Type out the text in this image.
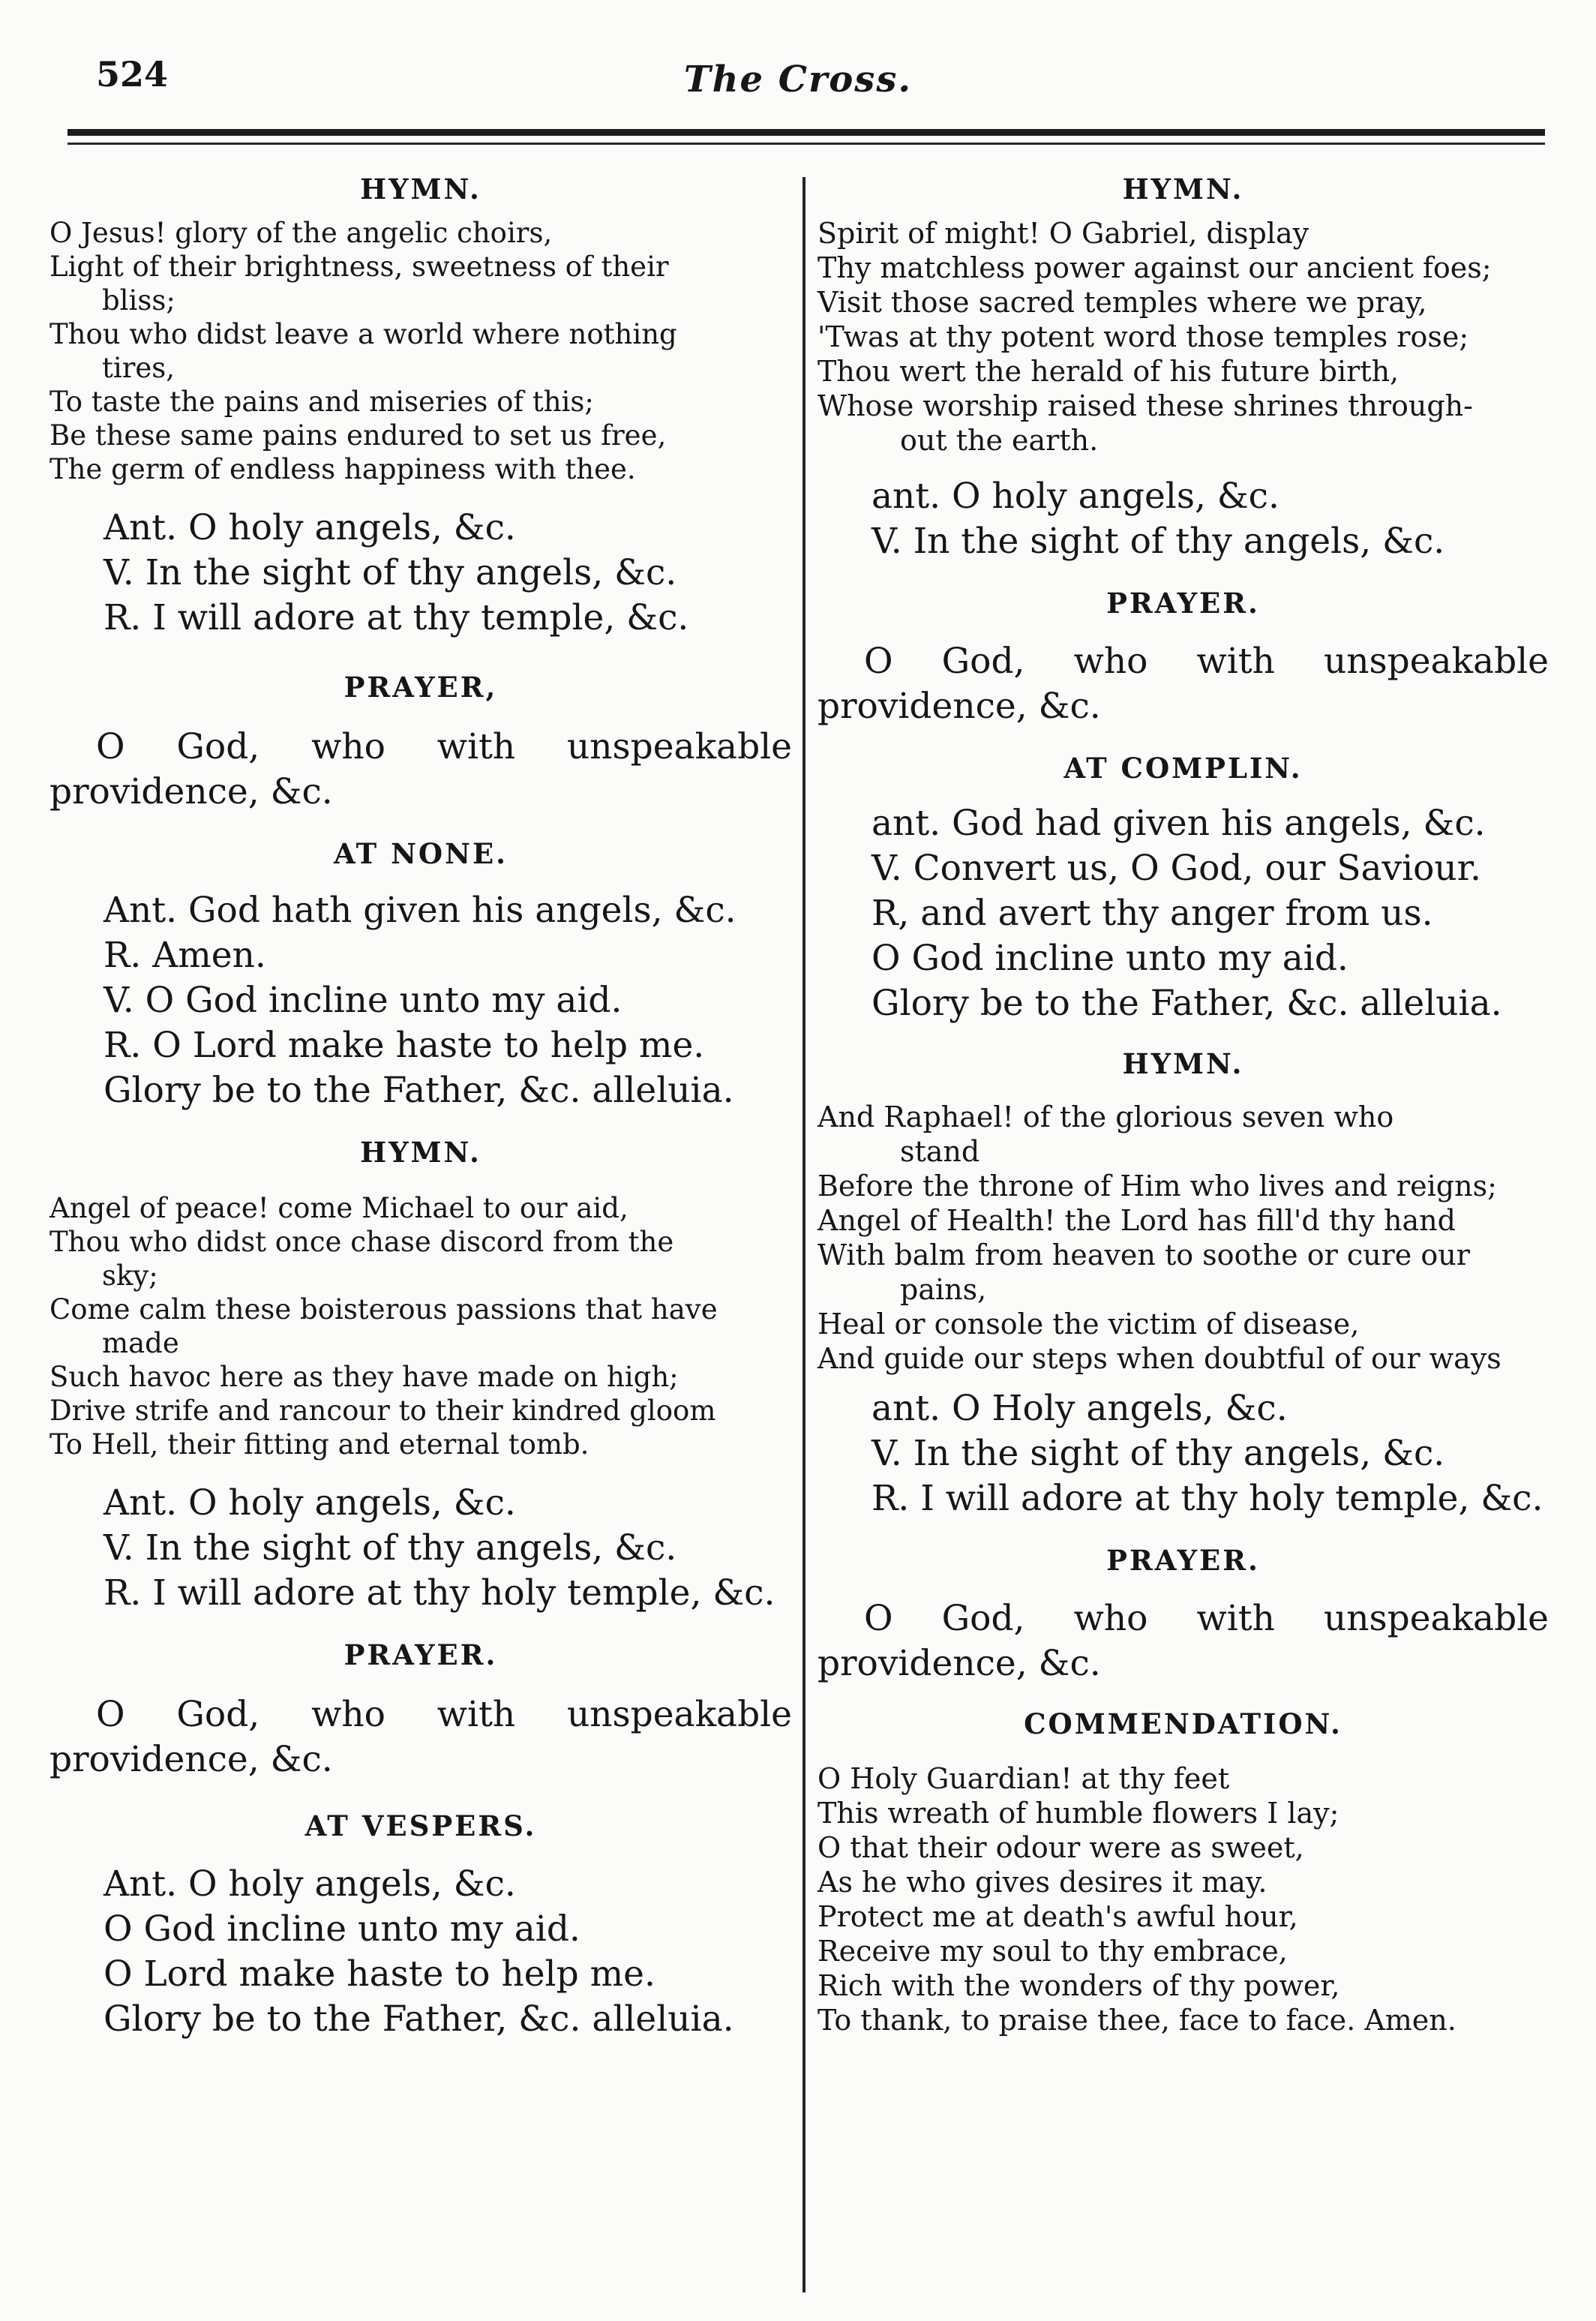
524	The Cross.
HYMN.
O Jesus! glory of the angelic choirs,
Light of their brightness, sweetness of their
bliss;
Thou who didst leave a world where nothing
tires,
To taste the pains and miseries of this;
Be these same pains endured to set us free,
The germ of endless happiness with thee.
Ant. O holy angels, &c.
V. In the sight of thy angels, &c.
R. I will adore at thy temple, &c.
PRAYER,

O God, who with unspeakable providence, &c.

AT NONE.
Ant. God hath given his angels, &c.
R. Amen.
V. O God incline unto my aid.
R. O Lord make haste to help me.
Glory be to the Father, &c. alleluia.
HYMN.
Angel of peace! come Michael to our aid,
Thou who didst once chase discord from the
sky;
Come calm these boisterous passions that have
made
Such havoc here as they have made on high;
Drive strife and rancour to their kindred gloom
To Hell, their fitting and eternal tomb.
Ant. O holy angels, &c.
V. In the sight of thy angels, &c.
R. I will adore at thy holy temple, &c.
PRAYER.

O God, who with unspeakable providence, &c.

AT VESPERS.
Ant. O holy angels, &c.
O God incline unto my aid.
O Lord make haste to help me.
Glory be to the Father, &c. alleluia.
HYMN.
Spirit of might! O Gabriel, display
Thy matchless power against our ancient foes;
Visit those sacred temples where we pray,
'Twas at thy potent word those temples rose;
Thou wert the herald of his future birth,
Whose worship raised these shrines through-
out the earth.
ant. O holy angels, &c.
V. In the sight of thy angels, &c.
PRAYER.

O God, who with unspeakable providence, &c.

AT COMPLIN.
ant. God had given his angels, &c.
V. Convert us, O God, our Saviour.
R, and avert thy anger from us.
O God incline unto my aid.
Glory be to the Father, &c. alleluia.
HYMN.
And Raphael! of the glorious seven who
stand
Before the throne of Him who lives and reigns;
Angel of Health! the Lord has fill'd thy hand
With balm from heaven to soothe or cure our
pains,
Heal or console the victim of disease,
And guide our steps when doubtful of our ways
ant. O Holy angels, &c.
V. In the sight of thy angels, &c.
R. I will adore at thy holy temple, &c.
PRAYER.

O God, who with unspeakable providence, &c.

COMMENDATION.
O Holy Guardian! at thy feet
This wreath of humble flowers I lay;
O that their odour were as sweet,
As he who gives desires it may.
Protect me at death's awful hour,
Receive my soul to thy embrace,
Rich with the wonders of thy power,
To thank, to praise thee, face to face. Amen.
